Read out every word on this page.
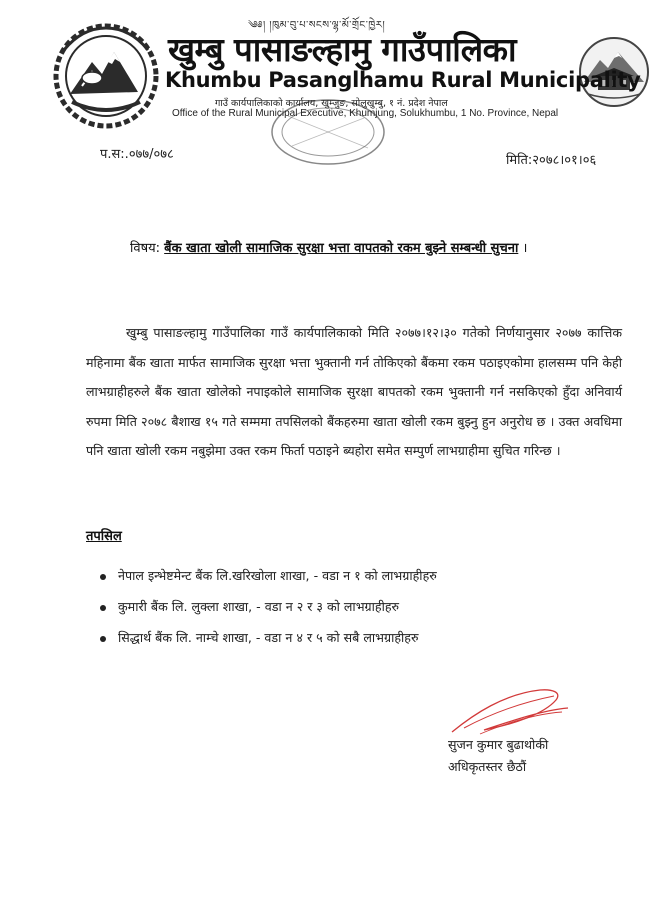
༄༅། །ཁུམ་བུ་པ་སངས་ལྷ་མོ་གྲོང་ཁྱེར།
खुम्बु पासाङल्हामु गाउँपालिका
Khumbu Pasanglhamu Rural Municipality
गाउँ कार्यपालिकाको कार्यालय, खुम्जुङ, सोलुखुम्बु, १ नं. प्रदेश नेपाल
Office of the Rural Municipal Executive, Khumjung, Solukhumbu, 1 No. Province, Nepal
प.स:.०७७/०७८	मिति:२०७८।०१।०६
विषय: बैंक खाता खोली सामाजिक सुरक्षा भत्ता वापतको रकम बुझ्ने सम्बन्धी सुचना ।
खुम्बु पासाङल्हामु गाउँपालिका गाउँ कार्यपालिकाको मिति २०७७।१२।३० गतेको निर्णयानुसार २०७७ कात्तिक महिनामा बैंक खाता मार्फत सामाजिक सुरक्षा भत्ता भुक्तानी गर्न तोकिएको बैंकमा रकम पठाइएकोमा हालसम्म पनि केही लाभग्राहीहरुले बैंक खाता खोलेको नपाइकोले सामाजिक सुरक्षा बापतको रकम भुक्तानी गर्न नसकिएको हुँदा अनिवार्य रुपमा मिति २०७८ बैशाख १५ गते सम्ममा तपसिलको बैंकहरुमा खाता खोली रकम बुझ्नु हुन अनुरोध छ । उक्त अवधिमा पनि खाता खोली रकम नबुझेमा उक्त रकम फिर्ता पठाइने ब्यहोरा समेत सम्पुर्ण लाभग्राहीमा सुचित गरिन्छ ।
तपसिल
नेपाल इन्भेष्टमेन्ट बैंक लि.खरिखोला शाखा, - वडा न १ को लाभग्राहीहरु
कुमारी बैंक लि. लुक्ला शाखा, - वडा न २ र ३ को लाभग्राहीहरु
सिद्धार्थ बैंक लि. नाम्चे शाखा, - वडा न ४ र ५ को सबै लाभग्राहीहरु
सुजन कुमार बुढाथोकी
अधिकृतस्तर छैठौं
